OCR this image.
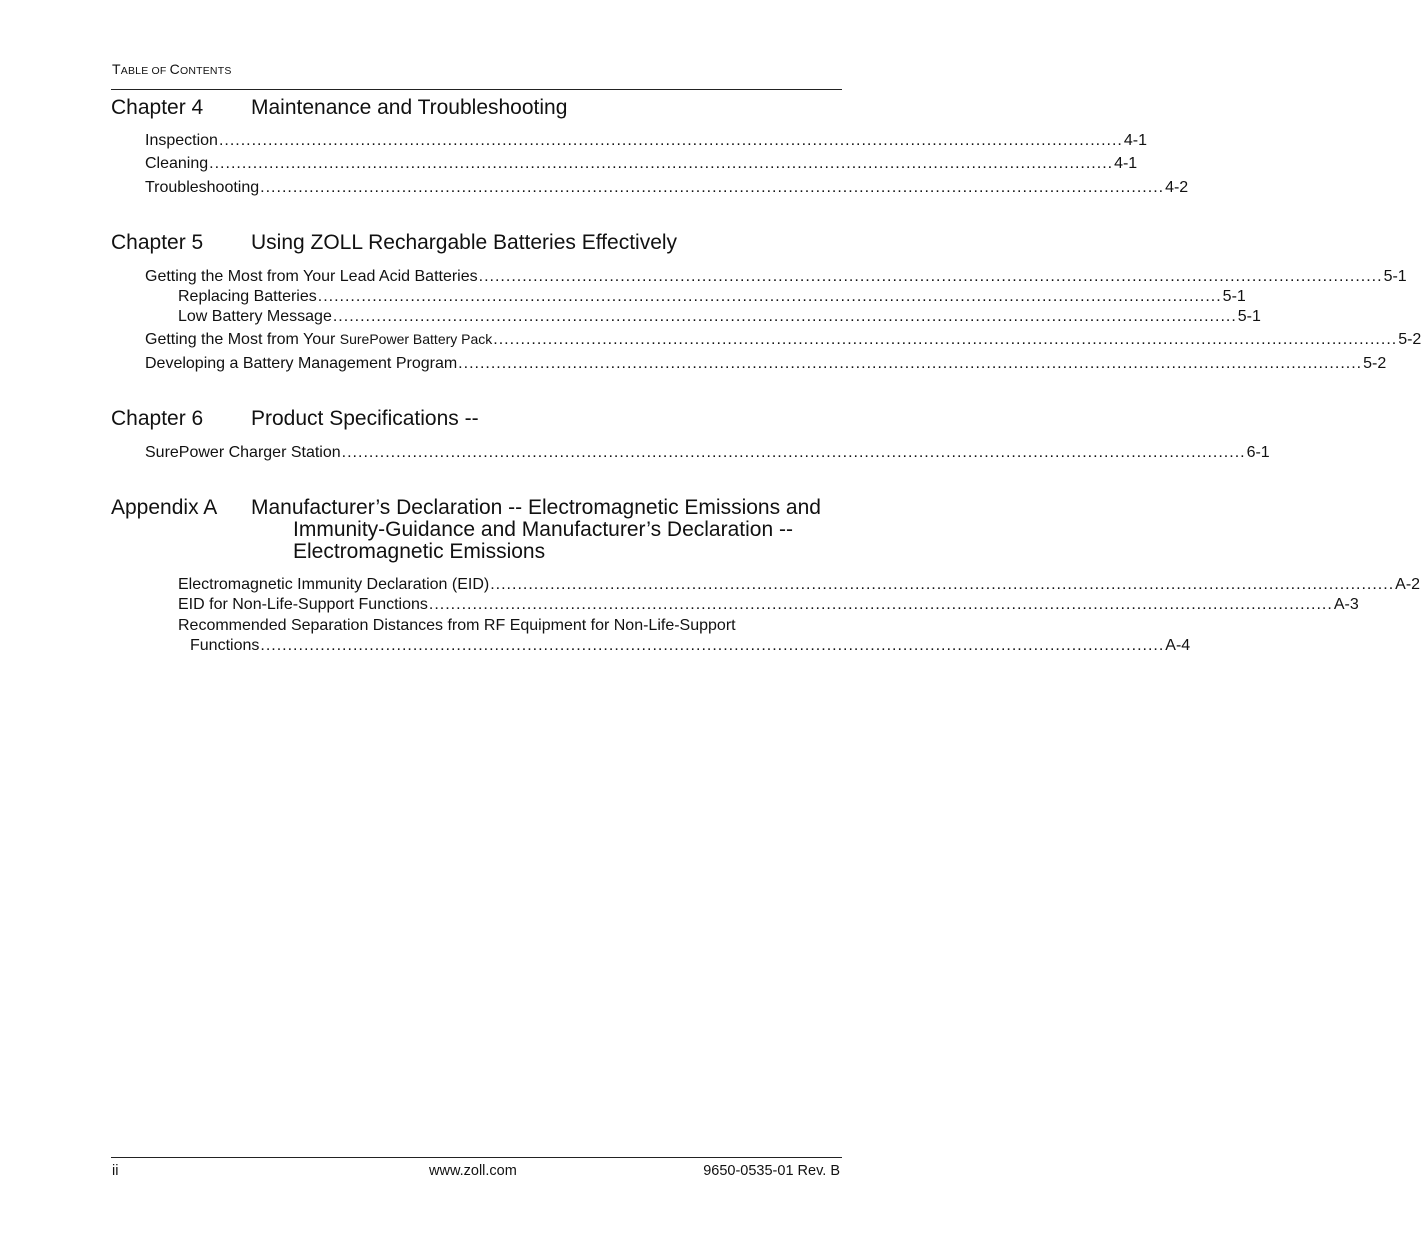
TABLE OF CONTENTS
Chapter 4 Maintenance and Troubleshooting
Inspection ...................................................................................................................................................................... 4-1
Cleaning ...................................................................................................................................................................... 4-1
Troubleshooting ...................................................................................................................................................................... 4-2
Chapter 5 Using ZOLL Rechargable Batteries Effectively
Getting the Most from Your Lead Acid Batteries ...................................................................................................................................................................... 5-1
Replacing Batteries ...................................................................................................................................................................... 5-1
Low Battery Message ...................................................................................................................................................................... 5-1
Getting the Most from Your SurePower Battery Pack ...................................................................................................................................................................... 5-2
Developing a Battery Management Program ...................................................................................................................................................................... 5-2
Chapter 6 Product Specifications --
SurePower Charger Station ...................................................................................................................................................................... 6-1
Appendix A Manufacturer’s Declaration -- Electromagnetic Emissions and
Immunity-Guidance and Manufacturer’s Declaration --
Electromagnetic Emissions
Electromagnetic Immunity Declaration (EID) ...................................................................................................................................................................... A-2
EID for Non-Life-Support Functions ...................................................................................................................................................................... A-3
Recommended Separation Distances from RF Equipment for Non-Life-Support
Functions ...................................................................................................................................................................... A-4
ii	www.zoll.com	9650-0535-01 Rev. B
